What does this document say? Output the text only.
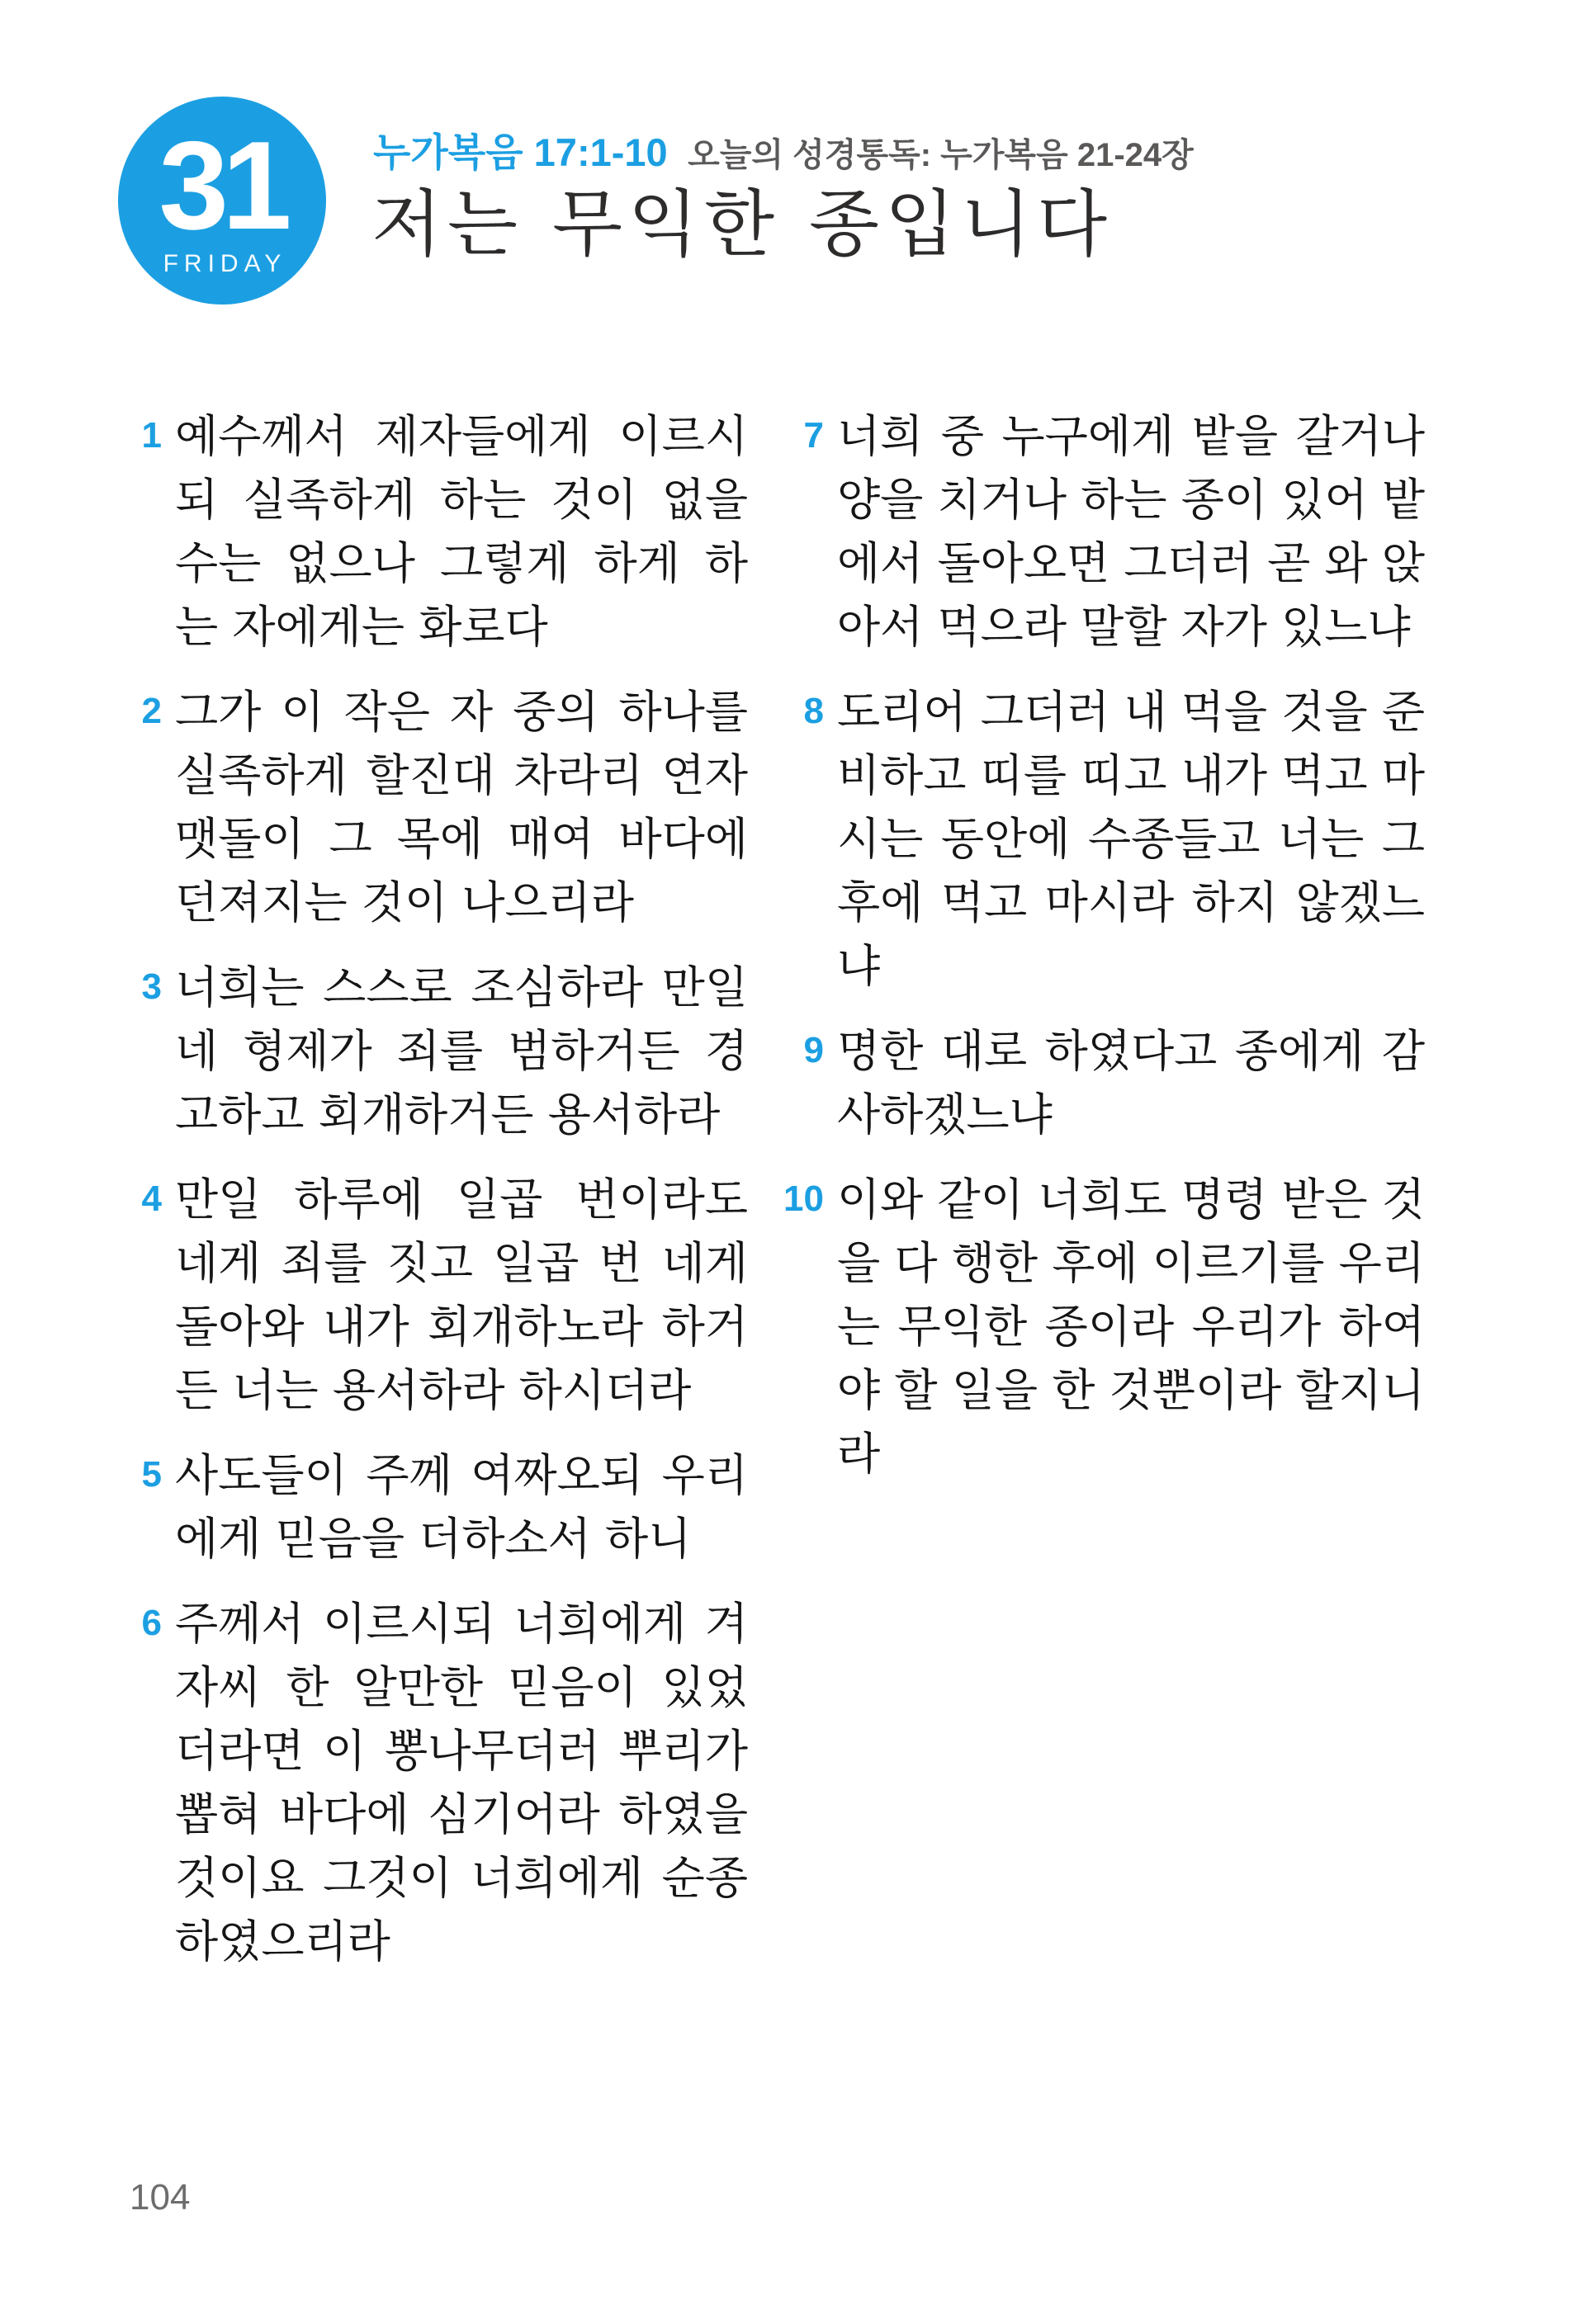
31
FRIDAY
누가복음 17:1-10 오늘의 성경통독: 누가복음 21-24장
저는 무익한 종입니다
1 예수께서 제자들에게 이르시되 실족하게 하는 것이 없을 수는 없으나 그렇게 하게 하는 자에게는 화로다
2 그가 이 작은 자 중의 하나를 실족하게 할진대 차라리 연자맷돌이 그 목에 매여 바다에 던져지는 것이 나으리라
3 너희는 스스로 조심하라 만일 네 형제가 죄를 범하거든 경고하고 회개하거든 용서하라
4 만일 하루에 일곱 번이라도 네게 죄를 짓고 일곱 번 네게 돌아와 내가 회개하노라 하거든 너는 용서하라 하시더라
5 사도들이 주께 여짜오되 우리에게 믿음을 더하소서 하니
6 주께서 이르시되 너희에게 겨자씨 한 알만한 믿음이 있었더라면 이 뽕나무더러 뿌리가 뽑혀 바다에 심기어라 하였을 것이요 그것이 너희에게 순종하였으리라
7 너희 중 누구에게 밭을 갈거나 양을 치거나 하는 종이 있어 밭에서 돌아오면 그더러 곧 와 앉아서 먹으라 말할 자가 있느냐
8 도리어 그더러 내 먹을 것을 준비하고 띠를 띠고 내가 먹고 마시는 동안에 수종들고 너는 그 후에 먹고 마시라 하지 않겠느냐
9 명한 대로 하였다고 종에게 감사하겠느냐
10 이와 같이 너희도 명령 받은 것을 다 행한 후에 이르기를 우리는 무익한 종이라 우리가 하여야 할 일을 한 것뿐이라 할지니라
104
